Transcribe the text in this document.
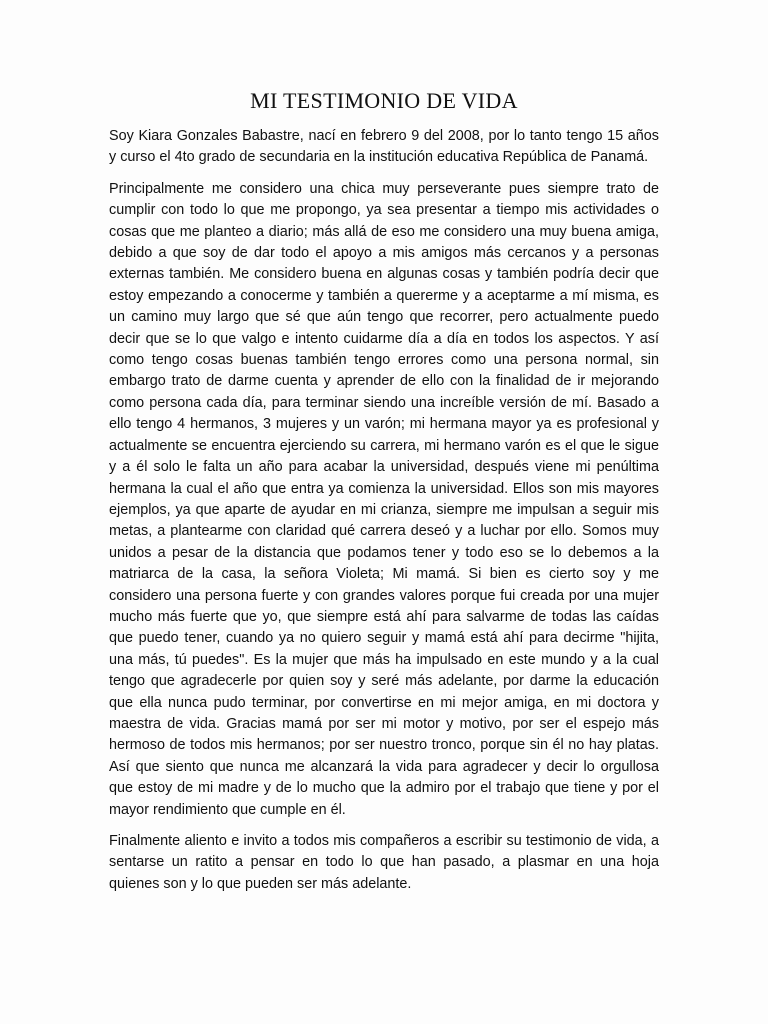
MI TESTIMONIO DE VIDA

Soy Kiara Gonzales Babastre, nací en febrero 9 del 2008, por lo tanto tengo 15 años y curso el 4to grado de secundaria en la institución educativa República de Panamá.

Principalmente me considero una chica muy perseverante pues siempre trato de cumplir con todo lo que me propongo, ya sea presentar a tiempo mis actividades o cosas que me planteo a diario; más allá de eso me considero una muy buena amiga, debido a que soy de dar todo el apoyo a mis amigos más cercanos y a personas externas también. Me considero buena en algunas cosas y también podría decir que estoy empezando a conocerme y también a quererme y a aceptarme a mí misma, es un camino muy largo que sé que aún tengo que recorrer, pero actualmente puedo decir que se lo que valgo e intento cuidarme día a día en todos los aspectos. Y así como tengo cosas buenas también tengo errores como una persona normal, sin embargo trato de darme cuenta y aprender de ello con la finalidad de ir mejorando como persona cada día, para terminar siendo una increíble versión de mí. Basado a ello tengo 4 hermanos, 3 mujeres y un varón; mi hermana mayor ya es profesional y actualmente se encuentra ejerciendo su carrera, mi hermano varón es el que le sigue y a él solo le falta un año para acabar la universidad, después viene mi penúltima hermana la cual el año que entra ya comienza la universidad. Ellos son mis mayores ejemplos, ya que aparte de ayudar en mi crianza, siempre me impulsan a seguir mis metas, a plantearme con claridad qué carrera deseó y a luchar por ello. Somos muy unidos a pesar de la distancia que podamos tener y todo eso se lo debemos a la matriarca de la casa, la señora Violeta; Mi mamá. Si bien es cierto soy y me considero una persona fuerte y con grandes valores porque fui creada por una mujer mucho más fuerte que yo, que siempre está ahí para salvarme de todas las caídas que puedo tener, cuando ya no quiero seguir y mamá está ahí para decirme "hijita, una más, tú puedes". Es la mujer que más ha impulsado en este mundo y a la cual tengo que agradecerle por quien soy y seré más adelante, por darme la educación que ella nunca pudo terminar, por convertirse en mi mejor amiga, en mi doctora y maestra de vida. Gracias mamá por ser mi motor y motivo, por ser el espejo más hermoso de todos mis hermanos; por ser nuestro tronco, porque sin él no hay platas. Así que siento que nunca me alcanzará la vida para agradecer y decir lo orgullosa que estoy de mi madre y de lo mucho que la admiro por el trabajo que tiene y por el mayor rendimiento que cumple en él.

Finalmente aliento e invito a todos mis compañeros a escribir su testimonio de vida, a sentarse un ratito a pensar en todo lo que han pasado, a plasmar en una hoja quienes son y lo que pueden ser más adelante.
